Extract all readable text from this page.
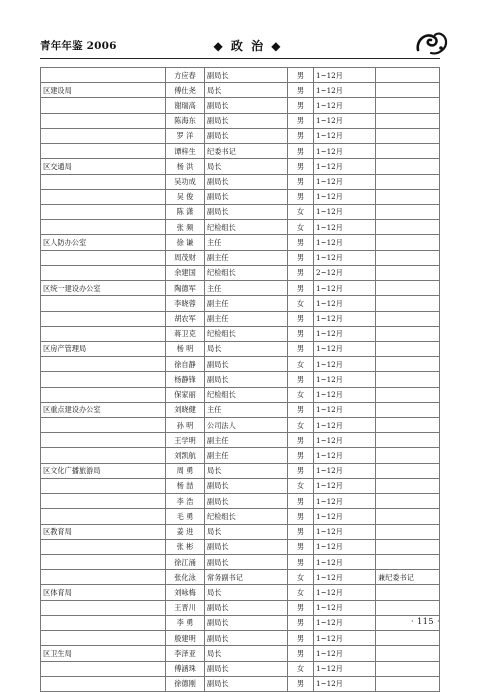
青年年鉴 2006	◆ 政 治 ◆
	方应春	副局长	男	1~12月	
区建设局	傅仕尧	局长	男	1~12月	
	谢瑞高	副局长	男	1~12月	
	陈海东	副局长	男	1~12月	
	罗 洋	副局长	男	1~12月	
	谭梓生	纪委书记	男	1~12月	
区交通局	杨 洪	局长	男	1~12月	
	吴功成	副局长	男	1~12月	
	吴 俊	副局长	男	1~12月	
	陈 潇	副局长	女	1~12月	
	张 频	纪检组长	女	1~12月	
区人防办公室	徐 谦	主任	男	1~12月	
	周茂财	副主任	男	1~12月	
	余建国	纪检组长	男	2~12月	
区统一建设办公室	陶德军	主任	男	1~12月	
	李晓蓉	副主任	女	1~12月	
	胡农军	副主任	男	1~12月	
	蒋卫克	纪检组长	男	1~12月	
区房产管理局	杨 明	局长	男	1~12月	
	徐自静	副局长	女	1~12月	
	杨静锋	副局长	男	1~12月	
	保家丽	纪检组长	女	1~12月	
区重点建设办公室	刘晓健	主任	男	1~12月	
	孙 明	公司法人	女	1~12月	
	王学明	副主任	男	1~12月	
	刘凯航	副主任	男	1~12月	
区文化广播旅游局	周 勇	局长	男	1~12月	
	杨 喆	副局长	女	1~12月	
	李 浩	副局长	男	1~12月	
	毛 勇	纪检组长	男	1~12月	
区教育局	姜 进	局长	男	1~12月	
	张 彬	副局长	男	1~12月	
	徐江涌	副局长	男	1~12月	
	张化泳	常务副书记	女	1~12月	兼纪委书记
区体育局	刘咏梅	局长	女	1~12月	
	王晋川	副局长	男	1~12月	
	李 勇	副局长	男	1~12月	
	殷建明	副局长	男	1~12月	
区卫生局	李泽亚	局长	男	1~12月	
	傅涵珠	副局长	女	1~12月	
	徐德刚	副局长	男	1~12月	
· 115 ·
